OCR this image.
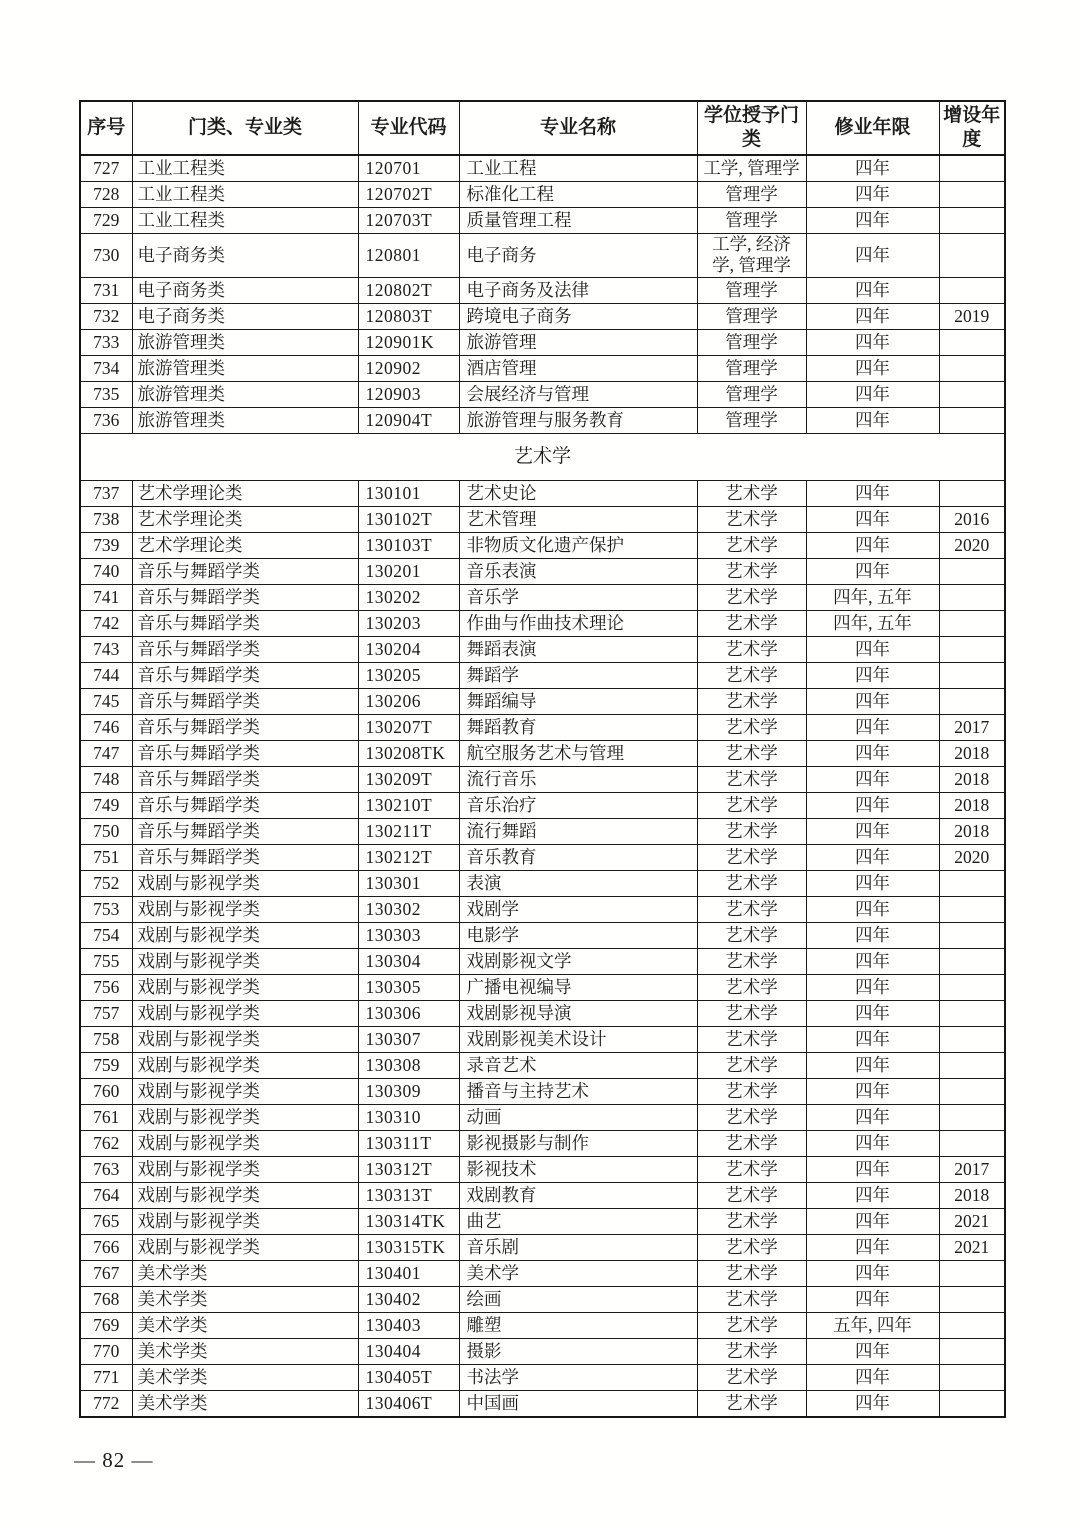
序号	门类、专业类	专业代码	专业名称	学位授予门类	修业年限	增设年度
727	工业工程类	120701	工业工程	工学, 管理学	四年	
728	工业工程类	120702T	标准化工程	管理学	四年	
729	工业工程类	120703T	质量管理工程	管理学	四年	
730	电子商务类	120801	电子商务	工学, 经济学, 管理学	四年	
731	电子商务类	120802T	电子商务及法律	管理学	四年	
732	电子商务类	120803T	跨境电子商务	管理学	四年	2019
733	旅游管理类	120901K	旅游管理	管理学	四年	
734	旅游管理类	120902	酒店管理	管理学	四年	
735	旅游管理类	120903	会展经济与管理	管理学	四年	
736	旅游管理类	120904T	旅游管理与服务教育	管理学	四年	
艺术学						
737	艺术学理论类	130101	艺术史论	艺术学	四年	
738	艺术学理论类	130102T	艺术管理	艺术学	四年	2016
739	艺术学理论类	130103T	非物质文化遗产保护	艺术学	四年	2020
740	音乐与舞蹈学类	130201	音乐表演	艺术学	四年	
741	音乐与舞蹈学类	130202	音乐学	艺术学	四年, 五年	
742	音乐与舞蹈学类	130203	作曲与作曲技术理论	艺术学	四年, 五年	
743	音乐与舞蹈学类	130204	舞蹈表演	艺术学	四年	
744	音乐与舞蹈学类	130205	舞蹈学	艺术学	四年	
745	音乐与舞蹈学类	130206	舞蹈编导	艺术学	四年	
746	音乐与舞蹈学类	130207T	舞蹈教育	艺术学	四年	2017
747	音乐与舞蹈学类	130208TK	航空服务艺术与管理	艺术学	四年	2018
748	音乐与舞蹈学类	130209T	流行音乐	艺术学	四年	2018
749	音乐与舞蹈学类	130210T	音乐治疗	艺术学	四年	2018
750	音乐与舞蹈学类	130211T	流行舞蹈	艺术学	四年	2018
751	音乐与舞蹈学类	130212T	音乐教育	艺术学	四年	2020
752	戏剧与影视学类	130301	表演	艺术学	四年	
753	戏剧与影视学类	130302	戏剧学	艺术学	四年	
754	戏剧与影视学类	130303	电影学	艺术学	四年	
755	戏剧与影视学类	130304	戏剧影视文学	艺术学	四年	
756	戏剧与影视学类	130305	广播电视编导	艺术学	四年	
757	戏剧与影视学类	130306	戏剧影视导演	艺术学	四年	
758	戏剧与影视学类	130307	戏剧影视美术设计	艺术学	四年	
759	戏剧与影视学类	130308	录音艺术	艺术学	四年	
760	戏剧与影视学类	130309	播音与主持艺术	艺术学	四年	
761	戏剧与影视学类	130310	动画	艺术学	四年	
762	戏剧与影视学类	130311T	影视摄影与制作	艺术学	四年	
763	戏剧与影视学类	130312T	影视技术	艺术学	四年	2017
764	戏剧与影视学类	130313T	戏剧教育	艺术学	四年	2018
765	戏剧与影视学类	130314TK	曲艺	艺术学	四年	2021
766	戏剧与影视学类	130315TK	音乐剧	艺术学	四年	2021
767	美术学类	130401	美术学	艺术学	四年	
768	美术学类	130402	绘画	艺术学	四年	
769	美术学类	130403	雕塑	艺术学	五年, 四年	
770	美术学类	130404	摄影	艺术学	四年	
771	美术学类	130405T	书法学	艺术学	四年	
772	美术学类	130406T	中国画	艺术学	四年	
— 82 —
